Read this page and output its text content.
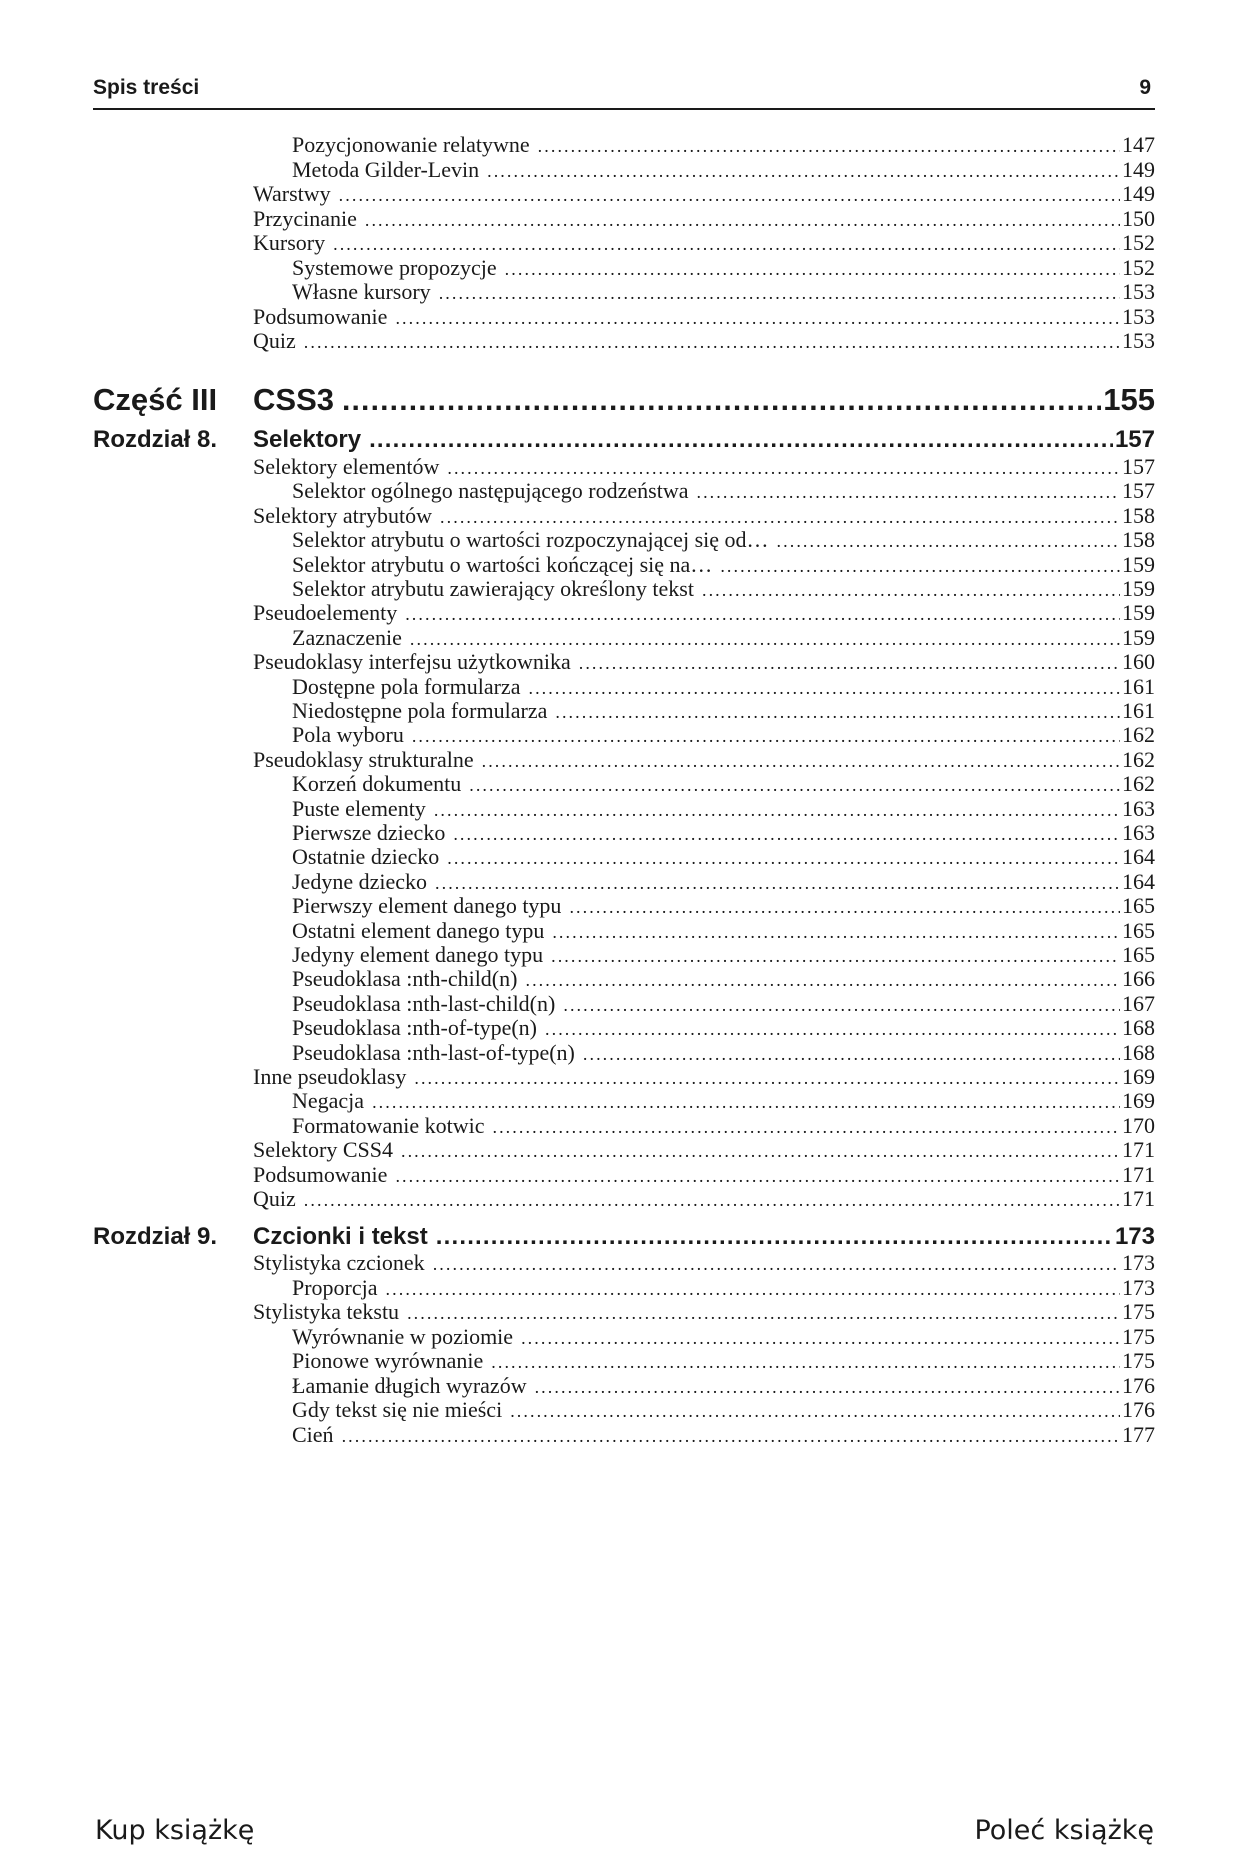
Spis treści	9
Pozycjonowanie relatywne .....	147
Metoda Gilder-Levin .....	149
Warstwy .....	149
Przycinanie .....	150
Kursory .....	152
Systemowe propozycje .....	152
Własne kursory .....	153
Podsumowanie .....	153
Quiz .....	153
Część III	CSS3 .....	155
Rozdział 8.	Selektory .....	157
Selektory elementów .....	157
Selektor ogólnego następującego rodzeństwa .....	157
Selektory atrybutów .....	158
Selektor atrybutu o wartości rozpoczynającej się od… .....	158
Selektor atrybutu o wartości kończącej się na… .....	159
Selektor atrybutu zawierający określony tekst .....	159
Pseudoelementy .....	159
Zaznaczenie .....	159
Pseudoklasy interfejsu użytkownika .....	160
Dostępne pola formularza .....	161
Niedostępne pola formularza .....	161
Pola wyboru .....	162
Pseudoklasy strukturalne .....	162
Korzeń dokumentu .....	162
Puste elementy .....	163
Pierwsze dziecko .....	163
Ostatnie dziecko .....	164
Jedyne dziecko .....	164
Pierwszy element danego typu .....	165
Ostatni element danego typu .....	165
Jedyny element danego typu .....	165
Pseudoklasa :nth-child(n) .....	166
Pseudoklasa :nth-last-child(n) .....	167
Pseudoklasa :nth-of-type(n) .....	168
Pseudoklasa :nth-last-of-type(n) .....	168
Inne pseudoklasy .....	169
Negacja .....	169
Formatowanie kotwic .....	170
Selektory CSS4 .....	171
Podsumowanie .....	171
Quiz .....	171
Rozdział 9.	Czcionki i tekst .....	173
Stylistyka czcionek .....	173
Proporcja .....	173
Stylistyka tekstu .....	175
Wyrównanie w poziomie .....	175
Pionowe wyrównanie .....	175
Łamanie długich wyrazów .....	176
Gdy tekst się nie mieści .....	176
Cień .....	177
Kup książkę	Poleć książkę
